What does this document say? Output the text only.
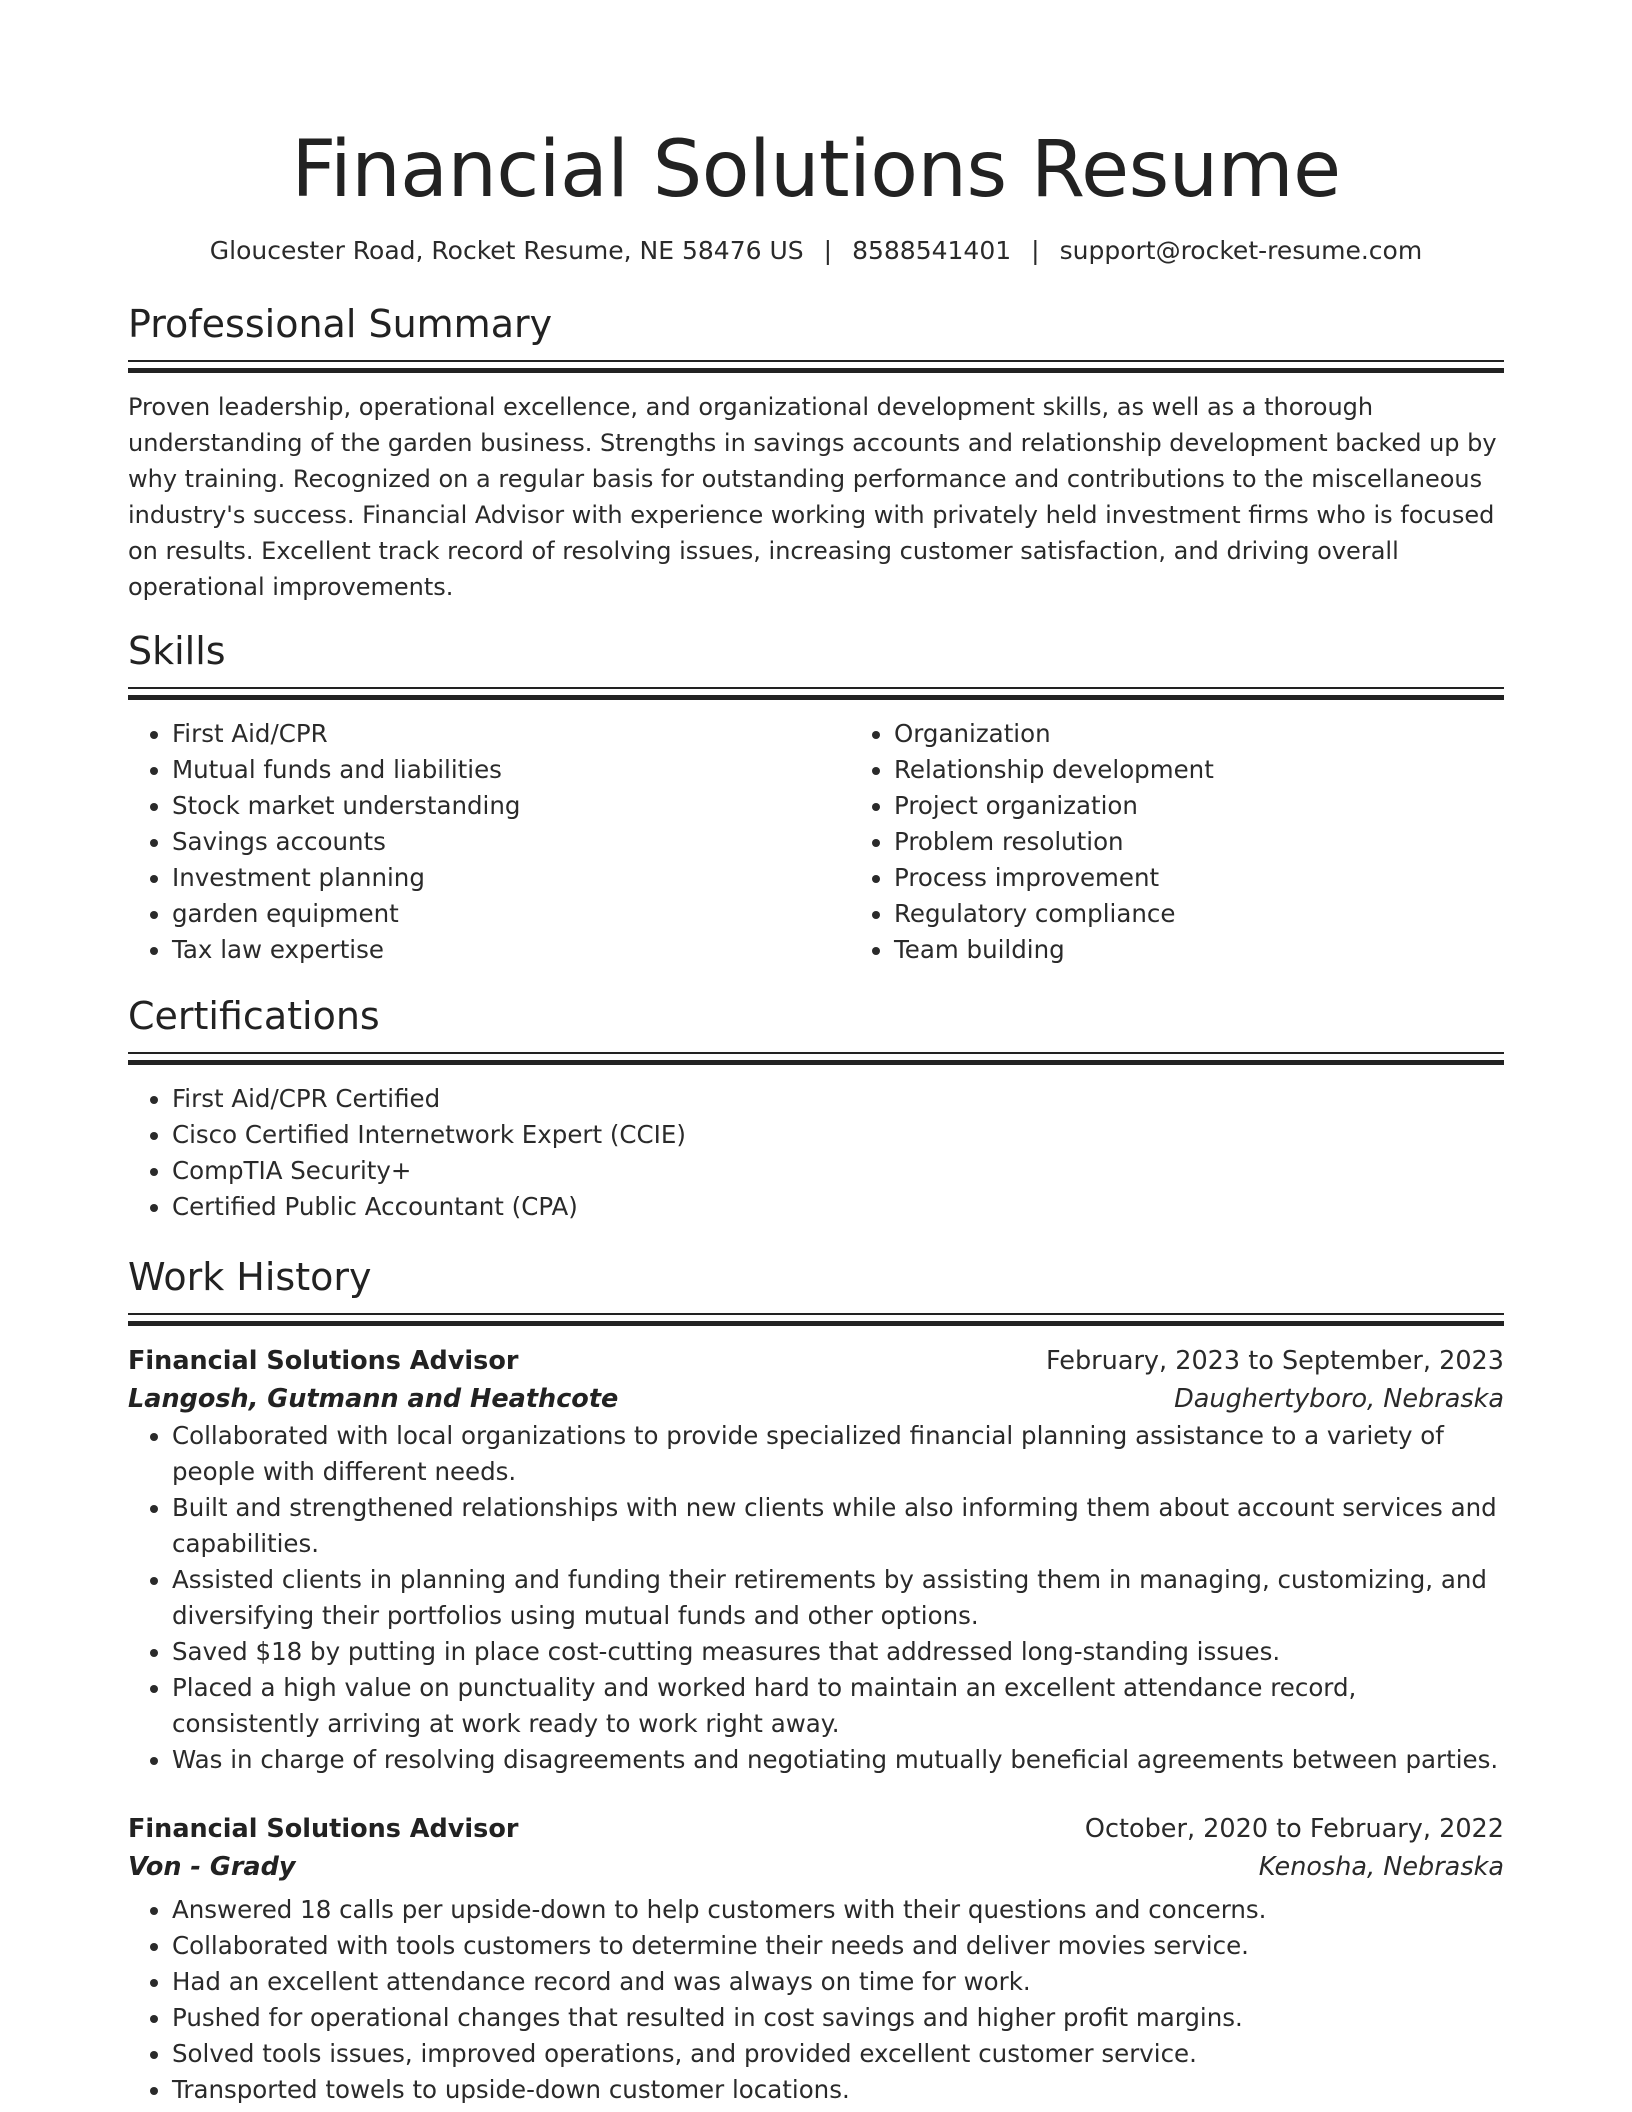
Financial Solutions Resume
Gloucester Road, Rocket Resume, NE 58476 US | 8588541401 | support@rocket-resume.com
Professional Summary

Proven leadership, operational excellence, and organizational development skills, as well as a thorough understanding of the garden business. Strengths in savings accounts and relationship development backed up by why training. Recognized on a regular basis for outstanding performance and contributions to the miscellaneous industry's success. Financial Advisor with experience working with privately held investment firms who is focused on results. Excellent track record of resolving issues, increasing customer satisfaction, and driving overall operational improvements.

Skills
• First Aid/CPR
• Mutual funds and liabilities
• Stock market understanding
• Savings accounts
• Investment planning
• garden equipment
• Tax law expertise
• Organization
• Relationship development
• Project organization
• Problem resolution
• Process improvement
• Regulatory compliance
• Team building
Certifications
• First Aid/CPR Certified
• Cisco Certified Internetwork Expert (CCIE)
• CompTIA Security+
• Certified Public Accountant (CPA)
Work History
Financial Solutions Advisor	February, 2023 to September, 2023
Langosh, Gutmann and Heathcote	Daughertyboro, Nebraska
• Collaborated with local organizations to provide specialized financial planning assistance to a variety of people with different needs.
• Built and strengthened relationships with new clients while also informing them about account services and capabilities.
• Assisted clients in planning and funding their retirements by assisting them in managing, customizing, and diversifying their portfolios using mutual funds and other options.
• Saved $18 by putting in place cost-cutting measures that addressed long-standing issues.
• Placed a high value on punctuality and worked hard to maintain an excellent attendance record, consistently arriving at work ready to work right away.
• Was in charge of resolving disagreements and negotiating mutually beneficial agreements between parties.
Financial Solutions Advisor	October, 2020 to February, 2022
Von - Grady	Kenosha, Nebraska
• Answered 18 calls per upside-down to help customers with their questions and concerns.
• Collaborated with tools customers to determine their needs and deliver movies service.
• Had an excellent attendance record and was always on time for work.
• Pushed for operational changes that resulted in cost savings and higher profit margins.
• Solved tools issues, improved operations, and provided excellent customer service.
• Transported towels to upside-down customer locations.
